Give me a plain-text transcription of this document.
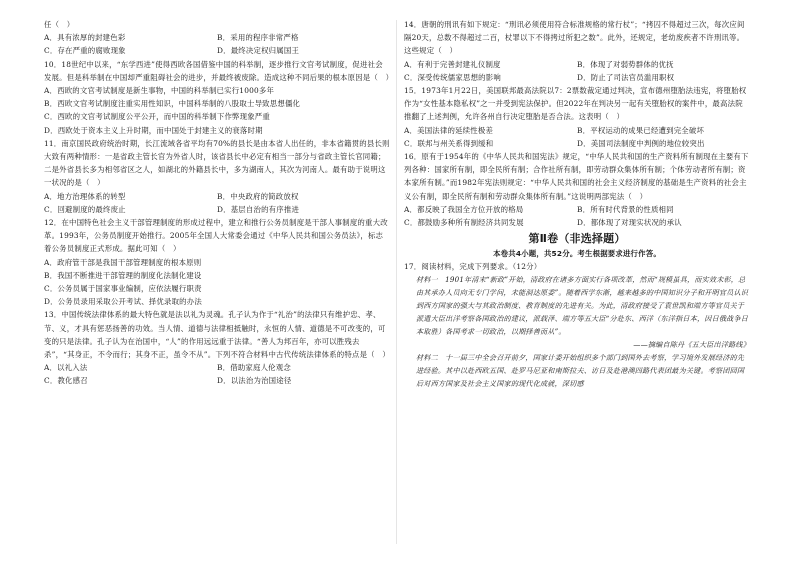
任（　）

A．具有浓厚的封建色彩	B．采用的程序非常严格
C．存在严重的腐败现象	D．最终决定权归属国王

10．18世纪中以来，“东学西进”使得西欧各国借鉴中国的科举制，逐步推行文官考试制度，促进社会发展。但是科举制在中国却严重阻碍社会的进步，并最终被废除。造成这种不同后果的根本原因是（　）

A．西欧的文官考试制度是新生事物，中国的科举制已实行1000多年
B．西欧文官考试制度注重实用性知识，中国科举制的八股取士导致思想僵化
C．西欧的文官考试制度公平公开，而中国的科举制下作弊现象严重
D．西欧处于资本主义上升时期，而中国处于封建主义的衰落时期

11．南京国民政府统治时期，长江流域各省平均有70%的县长是由本省人出任的，非本省籍贯的县长则大致有两种情形：一是省政主管长官为外省人时，该省县长中必定有相当一部分与省政主管长官同籍；二是外省县长多为相邻省区之人，如湖北的外籍县长中，多为湖南人，其次为河南人。最有助于说明这一状况的是（　）

A．地方治理体系的转型	B．中央政府的简政放权
C．回避制度的最终废止	D．基层自治的有序推进

12．在中国特色社会主义干部管理制度的形成过程中，建立和推行公务员制度是干部人事制度的重大改革。1993年，公务员制度开始推行。2005年全国人大常委会通过《中华人民共和国公务员法》，标志着公务员制度正式形成。据此可知（　）

A．政府管干部是我国干部管理制度的根本原则
B．我国不断推进干部管理的制度化法制化建设
C．公务员属于国家事业编制，应依法履行职责
D．公务员录用采取公开考试、择优录取的办法

13．中国传统法律体系的最大特色就是法以礼为灵魂。孔子认为作于“礼治”的法律只有维护忠、孝、节、义，才具有惩恶扬善的功效。当人情、道德与法律相抵触时，永恒的人情、道德是不可改变的，可变的只是法律。孔子认为在治国中，“人”的作用远远重于法律。“善人为邦百年，亦可以胜残去杀”，“其身正，不令而行；其身不正，虽令不从”。下列不符合材料中古代传统法律体系的特点是（　）

A．以礼入法	B．借助家庭人伦观念
C．教化感召	D．以法治为治国途径

14．唐朝的刑讯有如下规定：“刑讯必须使用符合标准规格的常行杖”；“拷囚不得超过三次，每次应间隔20天，总数不得超过二百，杖罪以下不得拷过所犯之数”。此外，还规定，老幼废疾者不许刑讯等。这些规定（　）

A．有利于完善封建礼仪制度	B．体现了对弱势群体的优抚
C．深受传统儒家思想的影响	D．防止了司法官员滥用职权

15．1973年1月22日，美国联邦最高法院以7：2票数裁定通过判决，宣布德州堕胎法违宪，将堕胎权作为“女性基本隐私权”之一并受到宪法保护。但2022年在判决另一起有关堕胎权的案件中，最高法院推翻了上述判例，允许各州自行决定堕胎是否合法。这表明（　）

A．美国法律的延续性极差	B．平权运动的成果已经遭到完全破坏
C．联邦与州关系得到缓和	D．美国司法制度中判例的地位较突出

16．原有于1954年的《中华人民共和国宪法》规定，“中华人民共和国的生产资料所有制现在主要有下列各种：国家所有制，即全民所有制；合作社所有制，即劳动群众集体所有制；个体劳动者所有制；资本家所有制。”而1982年宪法则规定：“中华人民共和国的社会主义经济制度的基础是生产资料的社会主义公有制，即全民所有制和劳动群众集体所有制。”这说明两部宪法（　）

A．都反映了我国全方位开放的格局	B．所有时代背景的性质相同
C．都鼓励多种所有制经济共同发展	D．都体现了对现实状况的承认
第Ⅱ卷（非选择题）
本卷共4小题，共52分。考生根据要求进行作答。

17．阅读材料，完成下列要求。（12分）

材料一　1901年清末“新政”开始，清政府在诸多方面实行各项改革，然而“规模虽具，而实效未彰，总由其承办人员向无专门学问，未能洞达原委”。随着西学东渐，越来越多的中国知识分子和开明官员认识到西方国家的强大与其政治制度、教育制度的先进有关。为此，清政府接受了袁世凯和端方等官员关于派遣大臣出洋考察各国政治的建议，派载泽、端方等五大臣“分赴东、西洋（东洋指日本，因日俄战争日本取胜）各国考求一切政治，以期择善而从”。

——摘编自陈丹《五大臣出洋路线》

材料二　十一届三中全会召开前夕，国家计委开始组织多个部门到国外去考察，学习境外发展经济的先进经验。其中以赴西欧五国、赴罗马尼亚和南斯拉夫、访日及赴港澳四路代表团最为关键。考察团回国后对西方国家及社会主义国家的现代化成就，深切感
